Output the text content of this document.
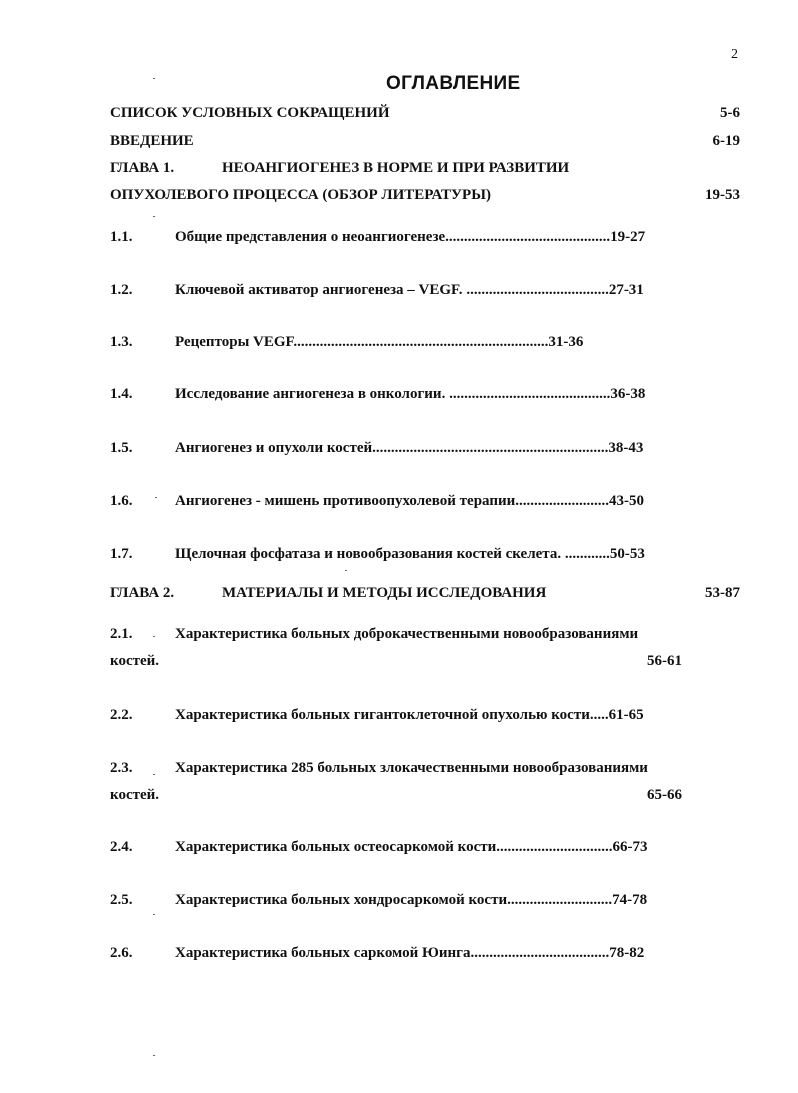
2
ОГЛАВЛЕНИЕ
СПИСОК УСЛОВНЫХ СОКРАЩЕНИЙ	5-6
ВВЕДЕНИЕ	6-19
ГЛАВА 1.	НЕОАНГИОГЕНЕЗ В НОРМЕ И ПРИ РАЗВИТИИ
ОПУХОЛЕВОГО ПРОЦЕССА (ОБЗОР ЛИТЕРАТУРЫ)	19-53
1.1.	Общие представления о неоангиогенезе............................................19-27
1.2.	Ключевой активатор ангиогенеза – VEGF. ......................................27-31
1.3.	Рецепторы VEGF....................................................................31-36
1.4.	Исследование ангиогенеза в онкологии. ...........................................36-38
1.5.	Ангиогенез и опухоли костей...............................................................38-43
1.6.	Ангиогенез - мишень противоопухолевой терапии.........................43-50
1.7.	Щелочная фосфатаза и новообразования костей скелета. ............50-53
ГЛАВА 2.	МАТЕРИАЛЫ И МЕТОДЫ ИССЛЕДОВАНИЯ	53-87
2.1.	Характеристика больных доброкачественными новообразованиями
костей.	56-61
2.2.	Характеристика больных гигантоклеточной опухолью кости.....61-65
2.3.	Характеристика 285 больных злокачественными новообразованиями
костей.	65-66
2.4.	Характеристика больных остеосаркомой кости...............................66-73
2.5.	Характеристика больных хондросаркомой кости............................74-78
2.6.	Характеристика больных саркомой Юинга.....................................78-82
